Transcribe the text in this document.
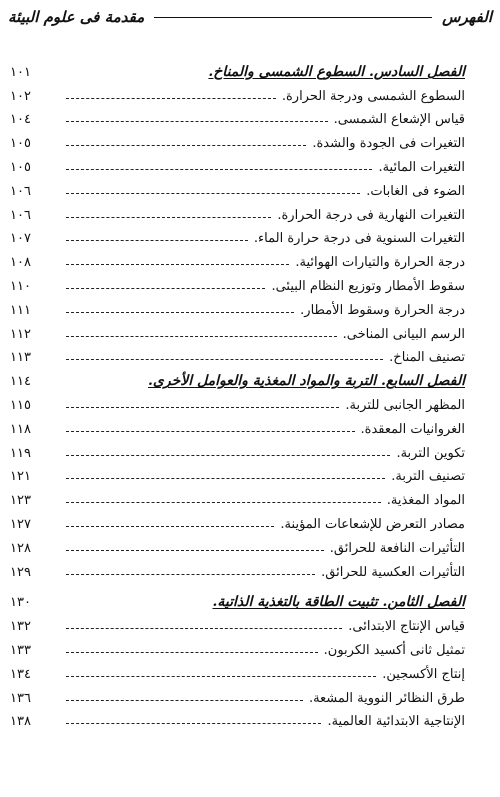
الفهرس
مقدمة فى علوم البيئة
الفصل السادس. السطوع الشمسى والمناخ.
١٠١
السطوع الشمسى ودرجة الحرارة.
١٠٢
قياس الإشعاع الشمسى.
١٠٤
التغيرات فى الجودة والشدة.
١٠٥
التغيرات المائية.
١٠٥
الضوء فى الغابات.
١٠٦
التغيرات النهارية فى درجة الحرارة.
١٠٦
التغيرات السنوية فى درجة حرارة الماء.
١٠٧
درجة الحرارة والتيارات الهوائية.
١٠٨
سقوط الأمطار وتوزيع النظام البيئى.
١١٠
درجة الحرارة وسقوط الأمطار.
١١١
الرسم البيانى المناخى.
١١٢
تصنيف المناخ.
١١٣
الفصل السابع. التربة والمواد المغذية والعوامل الأخرى.
١١٤
المظهر الجانبى للتربة.
١١٥
الغروانيات المعقدة.
١١٨
تكوين التربة.
١١٩
تصنيف التربة.
١٢١
المواد المغذية.
١٢٣
مصادر التعرض للإشعاعات المؤينة.
١٢٧
التأثيرات النافعة للحرائق.
١٢٨
التأثيرات العكسية للحرائق.
١٢٩
الفصل الثامن. تثبيت الطاقة بالتغذية الذاتية.
١٣٠
قياس الإنتاج الابتدائى.
١٣٢
تمثيل ثانى أكسيد الكربون.
١٣٣
إنتاج الأكسجين.
١٣٤
طرق النظائر النووية المشعة.
١٣٦
الإنتاجية الابتدائية العالمية.
١٣٨
